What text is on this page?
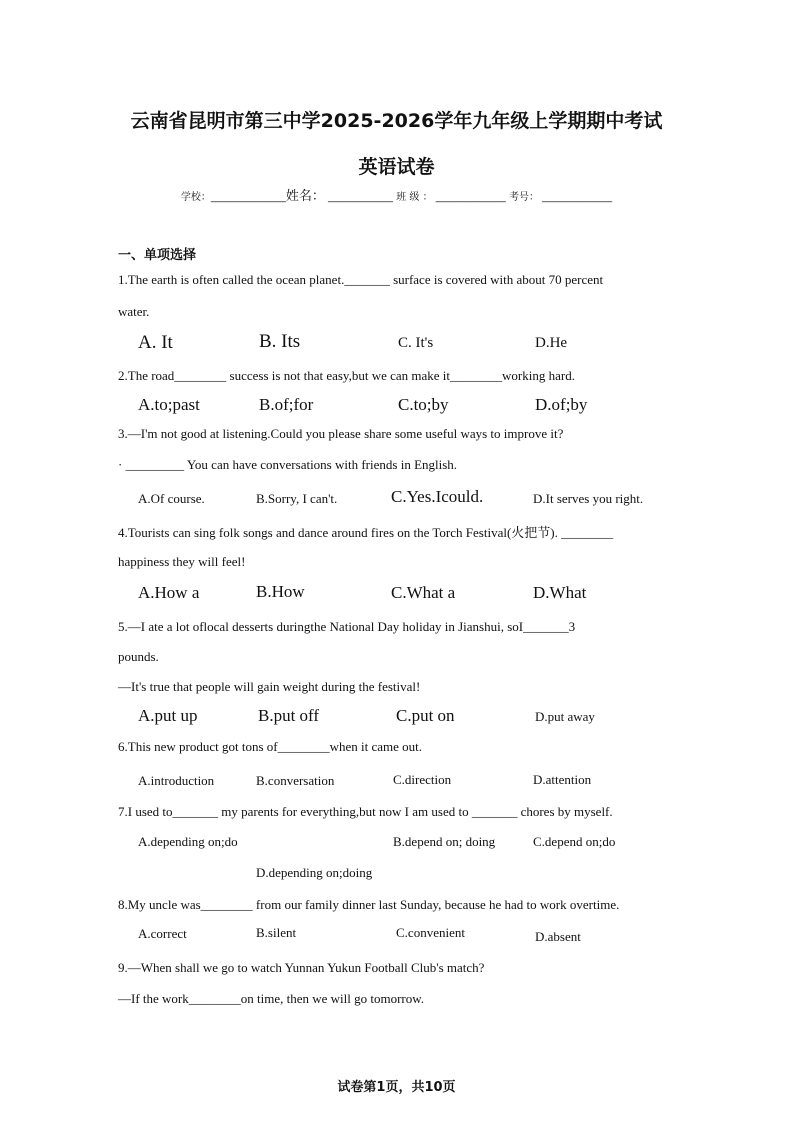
云南省昆明市第三中学2025-2026学年九年级上学期期中考试
英语试卷
学校：_______________姓名： _____________ 班 级 ： ______________ 考号： ______________
一、单项选择
1.The earth is often called the ocean planet._______ surface is covered with about 70 percent
water.
A. It	B. Its	C. It's	D.He
2.The road________ success is not that easy,but we can make it________working hard.
A.to;past	B.of;for	C.to;by	D.of;by
3.—I'm not good at listening.Could you please share some useful ways to improve it?
· _________ You can have conversations with friends in English.
A.Of course.	B.Sorry, I can't.	C.Yes.Icould.	D.It serves you right.
4.Tourists can sing folk songs and dance around fires on the Torch Festival(火把节). ________
happiness they will feel!
A.How a	B.How	C.What a	D.What
5.—I ate a lot oflocal desserts duringthe National Day holiday in Jianshui, soI_______3
pounds.
—It's true that people will gain weight during the festival!
A.put up	B.put off	C.put on	D.put away
6.This new product got tons of________when it came out.
A.introduction	B.conversation	C.direction	D.attention
7.I used to_______ my parents for everything,but now I am used to _______ chores by myself.
A.depending on;do	B.depend on; doing	C.depend on;do
D.depending on;doing
8.My uncle was________ from our family dinner last Sunday, because he had to work overtime.
A.correct	B.silent	C.convenient	D.absent
9.—When shall we go to watch Yunnan Yukun Football Club's match?
—If the work________on time, then we will go tomorrow.
试卷第1页，共10页
